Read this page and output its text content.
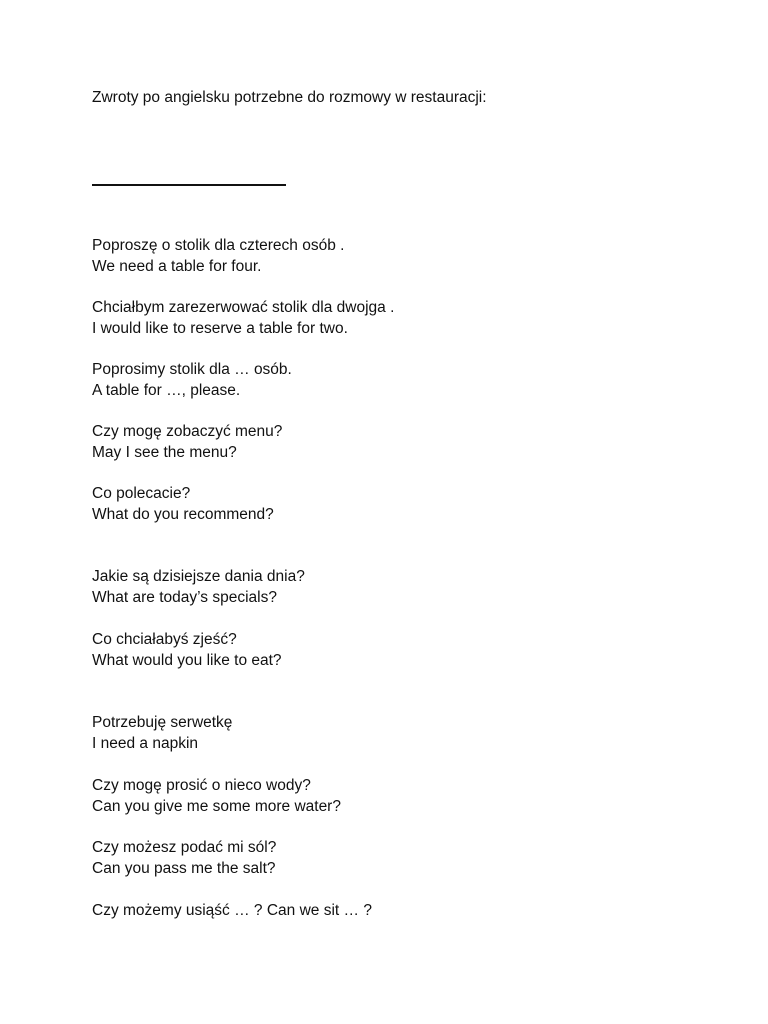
Zwroty po angielsku potrzebne do rozmowy w restauracji:
Poproszę o stolik dla czterech osób .
We need a table for four.
Chciałbym zarezerwować stolik dla dwojga .
I would like to reserve a table for two.
Poprosimy stolik dla … osób.
A table for …, please.
Czy mogę zobaczyć menu?
May I see the menu?
Co polecacie?
What do you recommend?
Jakie są dzisiejsze dania dnia?
What are today’s specials?
Co chciałabyś zjeść?
What would you like to eat?
Potrzebuję serwetkę
I need a napkin
Czy mogę prosić o nieco wody?
Can you give me some more water?
Czy możesz podać mi sól?
Can you pass me the salt?
Czy możemy usiąść … ? Can we sit … ?
